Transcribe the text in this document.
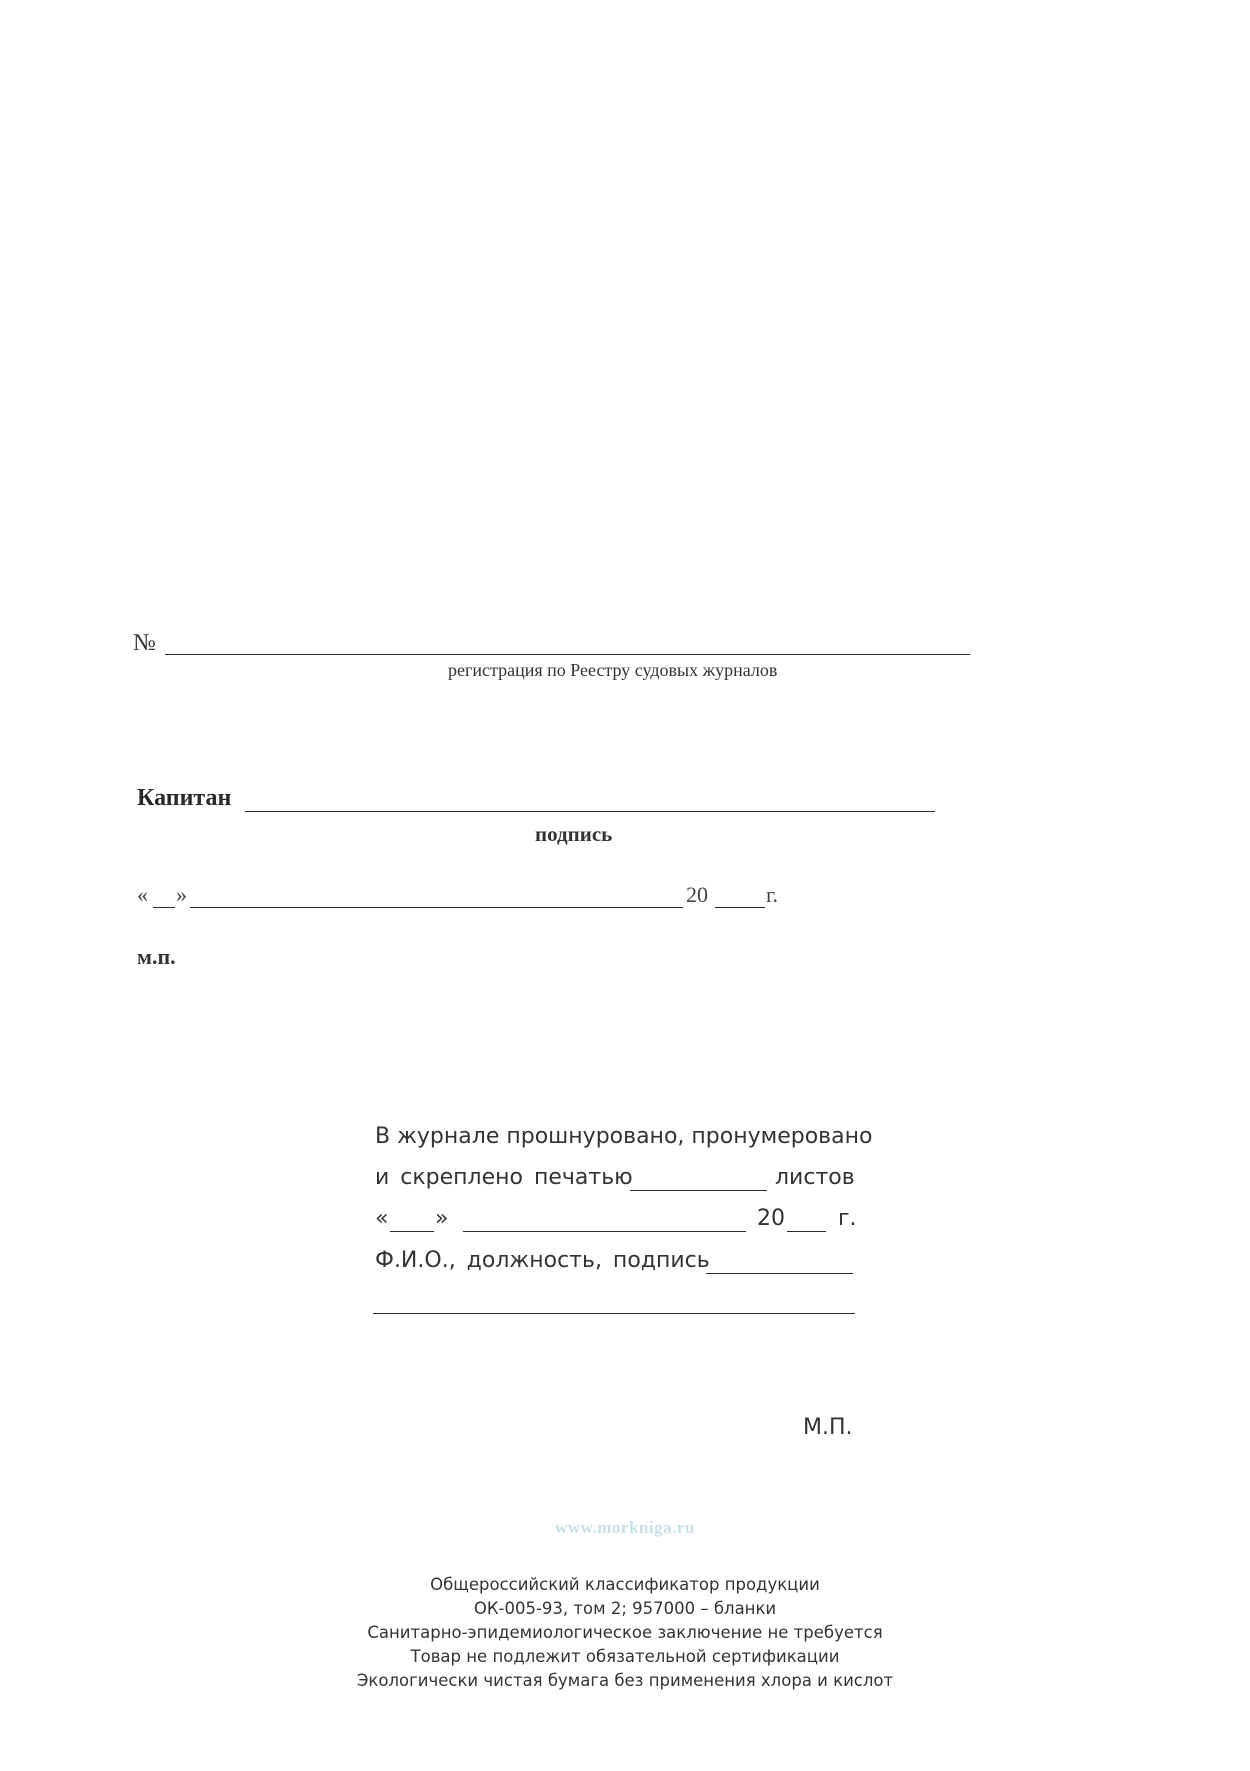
№
регистрация по Реестру судовых журналов
Капитан
подпись
« »	20	г.
м.п.
В журнале прошнуровано, пронумеровано
и скреплено печатью	листов
« »	20 г.
Ф.И.О., должность, подпись
М.П.
www.morkniga.ru
Общероссийский классификатор продукции
ОК-005-93, том 2; 957000 – бланки
Санитарно-эпидемиологическое заключение не требуется
Товар не подлежит обязательной сертификации
Экологически чистая бумага без применения хлора и кислот
